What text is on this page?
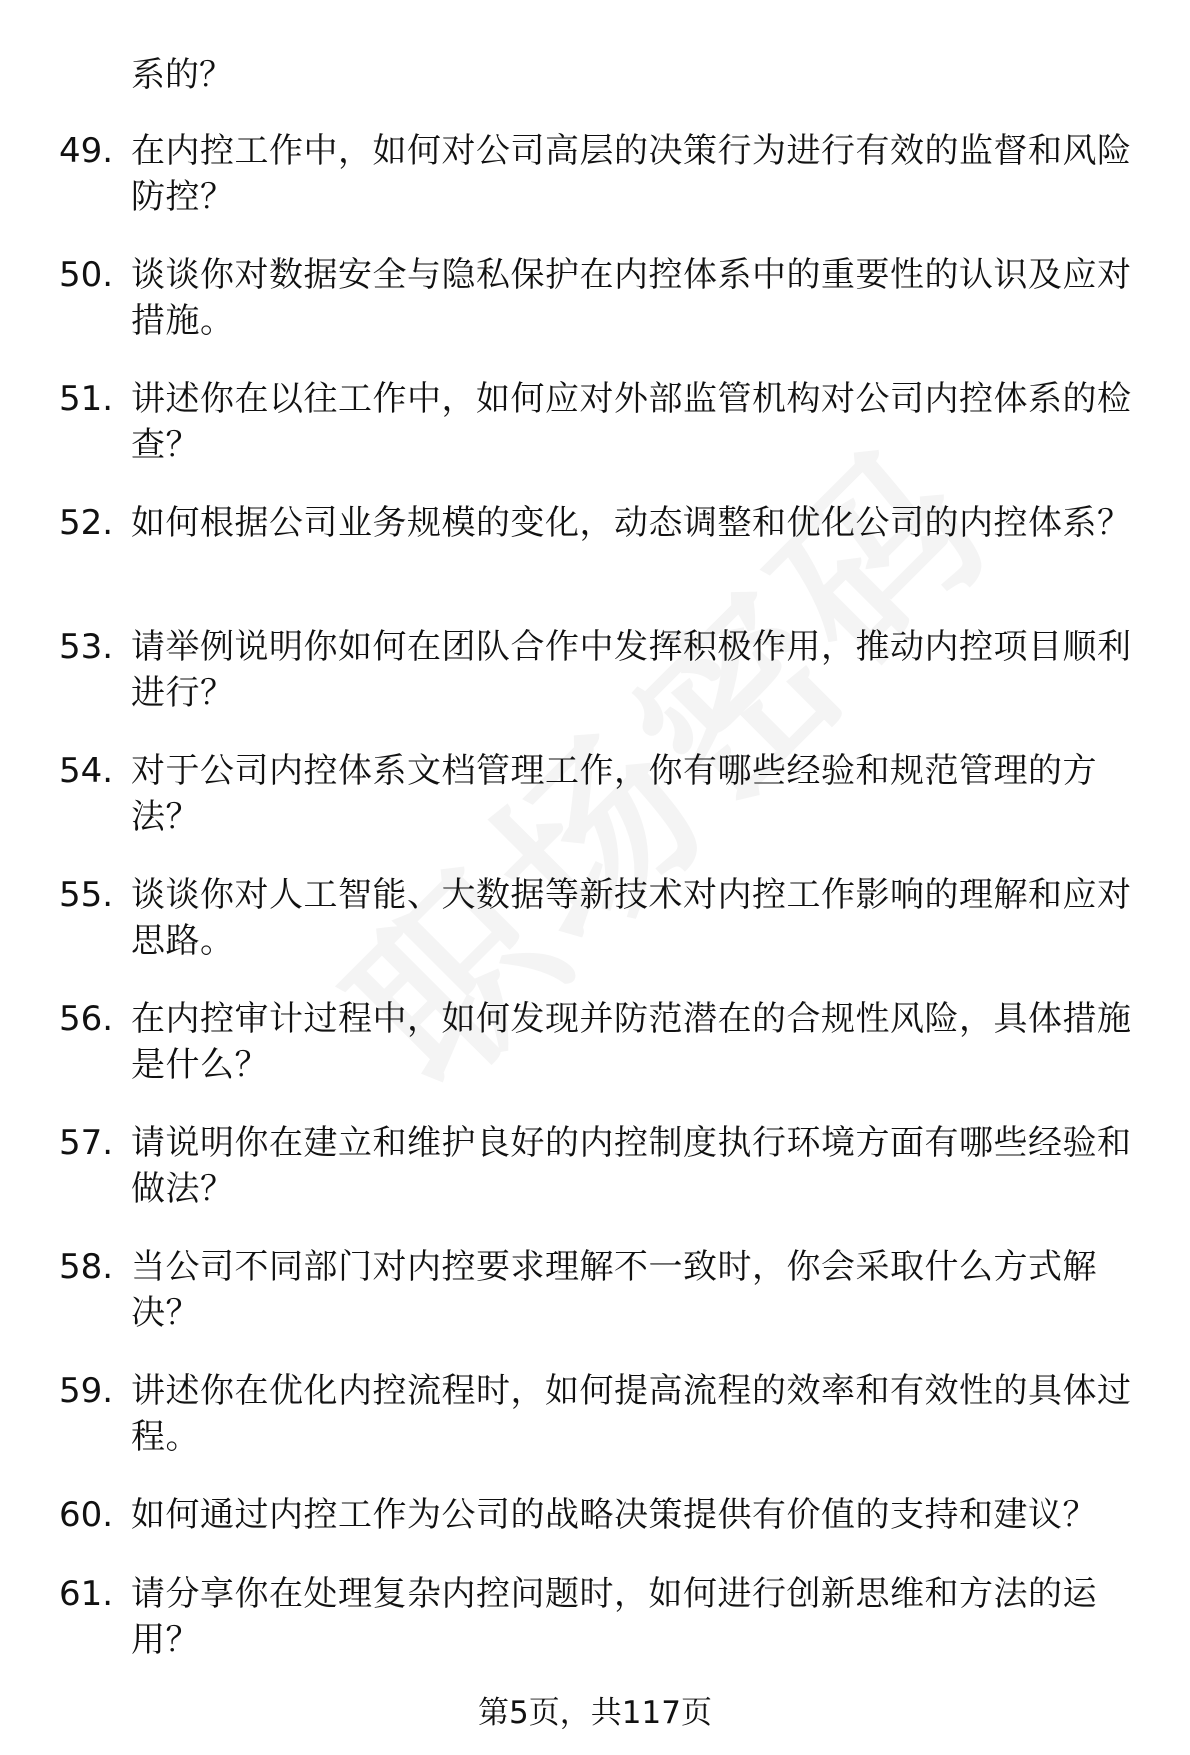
系的？
49. 在内控工作中，如何对公司高层的决策行为进行有效的监督和风险防控？
50. 谈谈你对数据安全与隐私保护在内控体系中的重要性的认识及应对措施。
51. 讲述你在以往工作中，如何应对外部监管机构对公司内控体系的检查？
52. 如何根据公司业务规模的变化，动态调整和优化公司的内控体系？
53. 请举例说明你如何在团队合作中发挥积极作用，推动内控项目顺利进行？
54. 对于公司内控体系文档管理工作，你有哪些经验和规范管理的方法？
55. 谈谈你对人工智能、大数据等新技术对内控工作影响的理解和应对思路。
56. 在内控审计过程中，如何发现并防范潜在的合规性风险，具体措施是什么？
57. 请说明你在建立和维护良好的内控制度执行环境方面有哪些经验和做法？
58. 当公司不同部门对内控要求理解不一致时，你会采取什么方式解决？
59. 讲述你在优化内控流程时，如何提高流程的效率和有效性的具体过程。
60. 如何通过内控工作为公司的战略决策提供有价值的支持和建议？
61. 请分享你在处理复杂内控问题时，如何进行创新思维和方法的运用？
第5页，共117页
